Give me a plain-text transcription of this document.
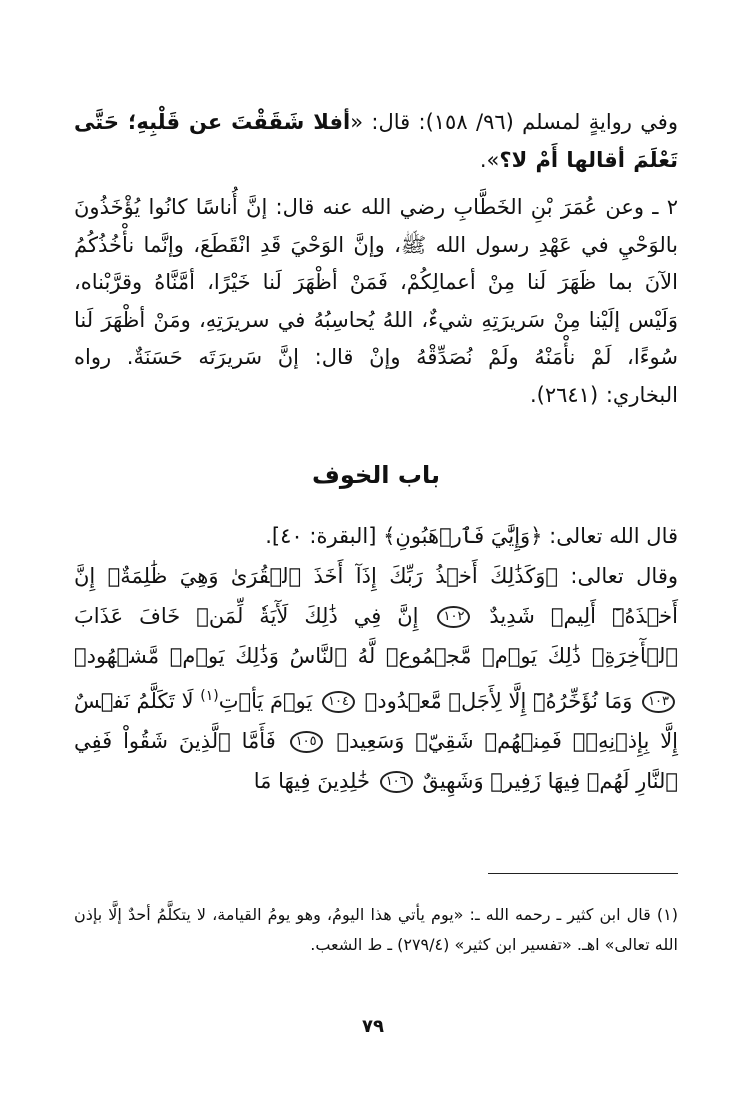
وفي روايةٍ لمسلم (٩٦/ ١٥٨): قال: «أفلا شَقَقْتَ عن قَلْبِهِ؛ حَتَّى تَعْلَمَ أقالها أَمْ لا؟».

٢ ـ وعن عُمَرَ بْنِ الخَطَّابِ رضي الله عنه قال: إنَّ أُناسًا كانُوا يُؤْخَذُونَ بالوَحْيِ في عَهْدِ رسول الله ﷺ، وإنَّ الوَحْيَ قَدِ انْقَطَعَ، وإنَّما نأْخُذُكُمُ الآنَ بما ظَهَرَ لَنا مِنْ أعمالِكُمْ، فَمَنْ أظْهَرَ لَنا خَيْرًا، أمَّنَّاهُ وقرَّبْناه، وَلَيْس إلَيْنا مِنْ سَريرَتِهِ شيءٌ، اللهُ يُحاسِبُهُ في سريرَتِهِ، ومَنْ أظْهَرَ لَنا سُوءًا، لَمْ نأْمَنْهُ ولَمْ نُصَدِّقْهُ وإنْ قال: إنَّ سَريرَتَه حَسَنَةٌ. رواه البخاري: (٢٦٤١).

باب الخوف

قال الله تعالى: ﴿وَإِيَّٰيَ فَٱرۡهَبُونِ﴾ [البقرة: ٤٠].

وقال تعالى: ﴿وَكَذَٰلِكَ أَخۡذُ رَبِّكَ إِذَآ أَخَذَ ٱلۡقُرَىٰ وَهِيَ ظَٰلِمَةٌۚ إِنَّ أَخۡذَهُۥٓ أَلِيمٞ شَدِيدٌ ١٠٢ إِنَّ فِي ذَٰلِكَ لَأٓيَةٗ لِّمَنۡ خَافَ عَذَابَ ٱلۡأٓخِرَةِۚ ذَٰلِكَ يَوۡمٞ مَّجۡمُوعٞ لَّهُ ٱلنَّاسُ وَذَٰلِكَ يَوۡمٞ مَّشۡهُودٞ ١٠٣ وَمَا نُؤَخِّرُهُۥٓ إِلَّا لِأَجَلٖ مَّعۡدُودٖ ١٠٤ يَوۡمَ يَأۡتِ$^{(١)}$ لَا تَكَلَّمُ نَفۡسٌ إِلَّا بِإِذۡنِهِۦۚ فَمِنۡهُمۡ شَقِيّٞ وَسَعِيدٞ ١٠٥ فَأَمَّا ٱلَّذِينَ شَقُواْ فَفِي ٱلنَّارِ لَهُمۡ فِيهَا زَفِيرٞ وَشَهِيقٌ ١٠٦ خَٰلِدِينَ فِيهَا مَا

(١) قال ابن كثير ـ رحمه الله ـ: «يوم يأتي هذا اليومُ، وهو يومُ القيامة، لا يتكلَّمُ أحدٌ إلَّا بإذن الله تعالى» اهـ. «تفسير ابن كثير» (٢٧٩/٤) ـ ط الشعب.

٧٩
